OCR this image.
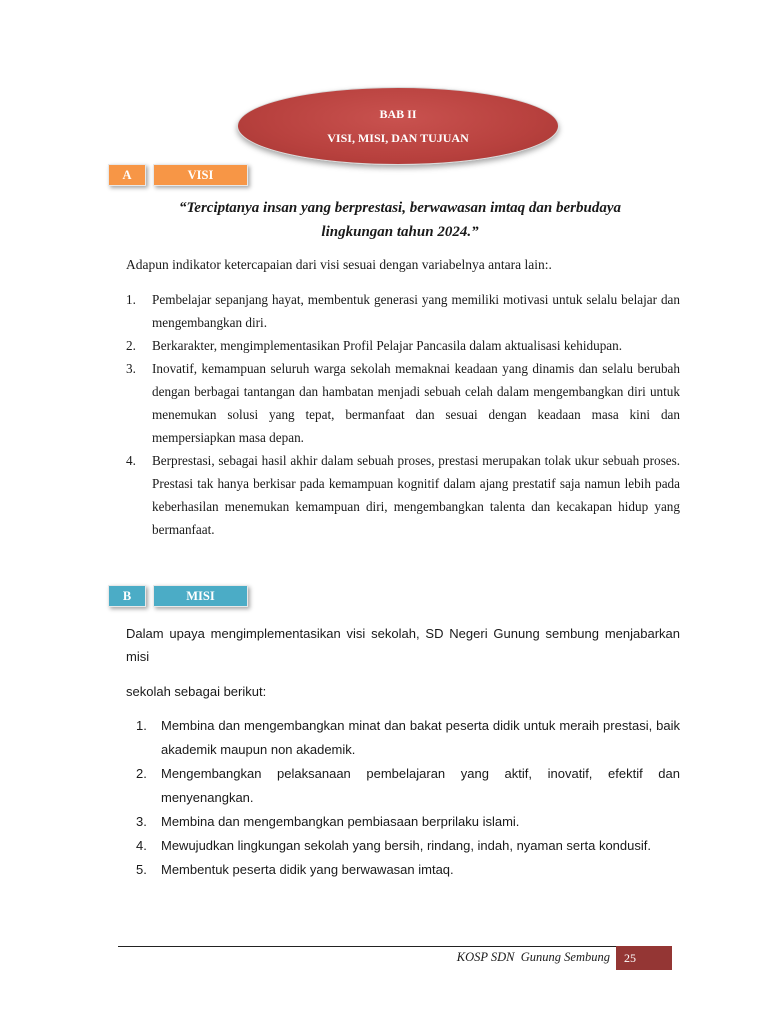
BAB II
VISI, MISI, DAN TUJUAN
A	VISI
“Terciptanya insan yang berprestasi, berwawasan imtaq dan berbudaya
lingkungan tahun 2024.”
Adapun indikator ketercapaian dari visi sesuai dengan variabelnya antara lain:.
1.	Pembelajar sepanjang hayat, membentuk generasi yang memiliki motivasi untuk selalu belajar dan mengembangkan diri.
2.	Berkarakter, mengimplementasikan Profil Pelajar Pancasila dalam aktualisasi kehidupan.
3.	Inovatif, kemampuan seluruh warga sekolah memaknai keadaan yang dinamis dan selalu berubah dengan berbagai tantangan dan hambatan menjadi sebuah celah dalam mengembangkan diri untuk menemukan solusi yang tepat, bermanfaat dan sesuai dengan keadaan masa kini dan mempersiapkan masa depan.
4.	Berprestasi, sebagai hasil akhir dalam sebuah proses, prestasi merupakan tolak ukur sebuah proses. Prestasi tak hanya berkisar pada kemampuan kognitif dalam ajang prestatif saja namun lebih pada keberhasilan menemukan kemampuan diri, mengembangkan talenta dan kecakapan hidup yang bermanfaat.
B	MISI
Dalam upaya mengimplementasikan visi sekolah, SD Negeri Gunung sembung menjabarkan misi
sekolah sebagai berikut:
1.	Membina dan mengembangkan minat dan bakat peserta didik untuk meraih prestasi, baik akademik maupun non akademik.
2.	Mengembangkan pelaksanaan pembelajaran yang aktif, inovatif, efektif dan menyenangkan.
3.	Membina dan mengembangkan pembiasaan berprilaku islami.
4.	Mewujudkan lingkungan sekolah yang bersih, rindang, indah, nyaman serta kondusif.
5.	Membentuk peserta didik yang berwawasan imtaq.
KOSP SDN  Gunung Sembung	25
